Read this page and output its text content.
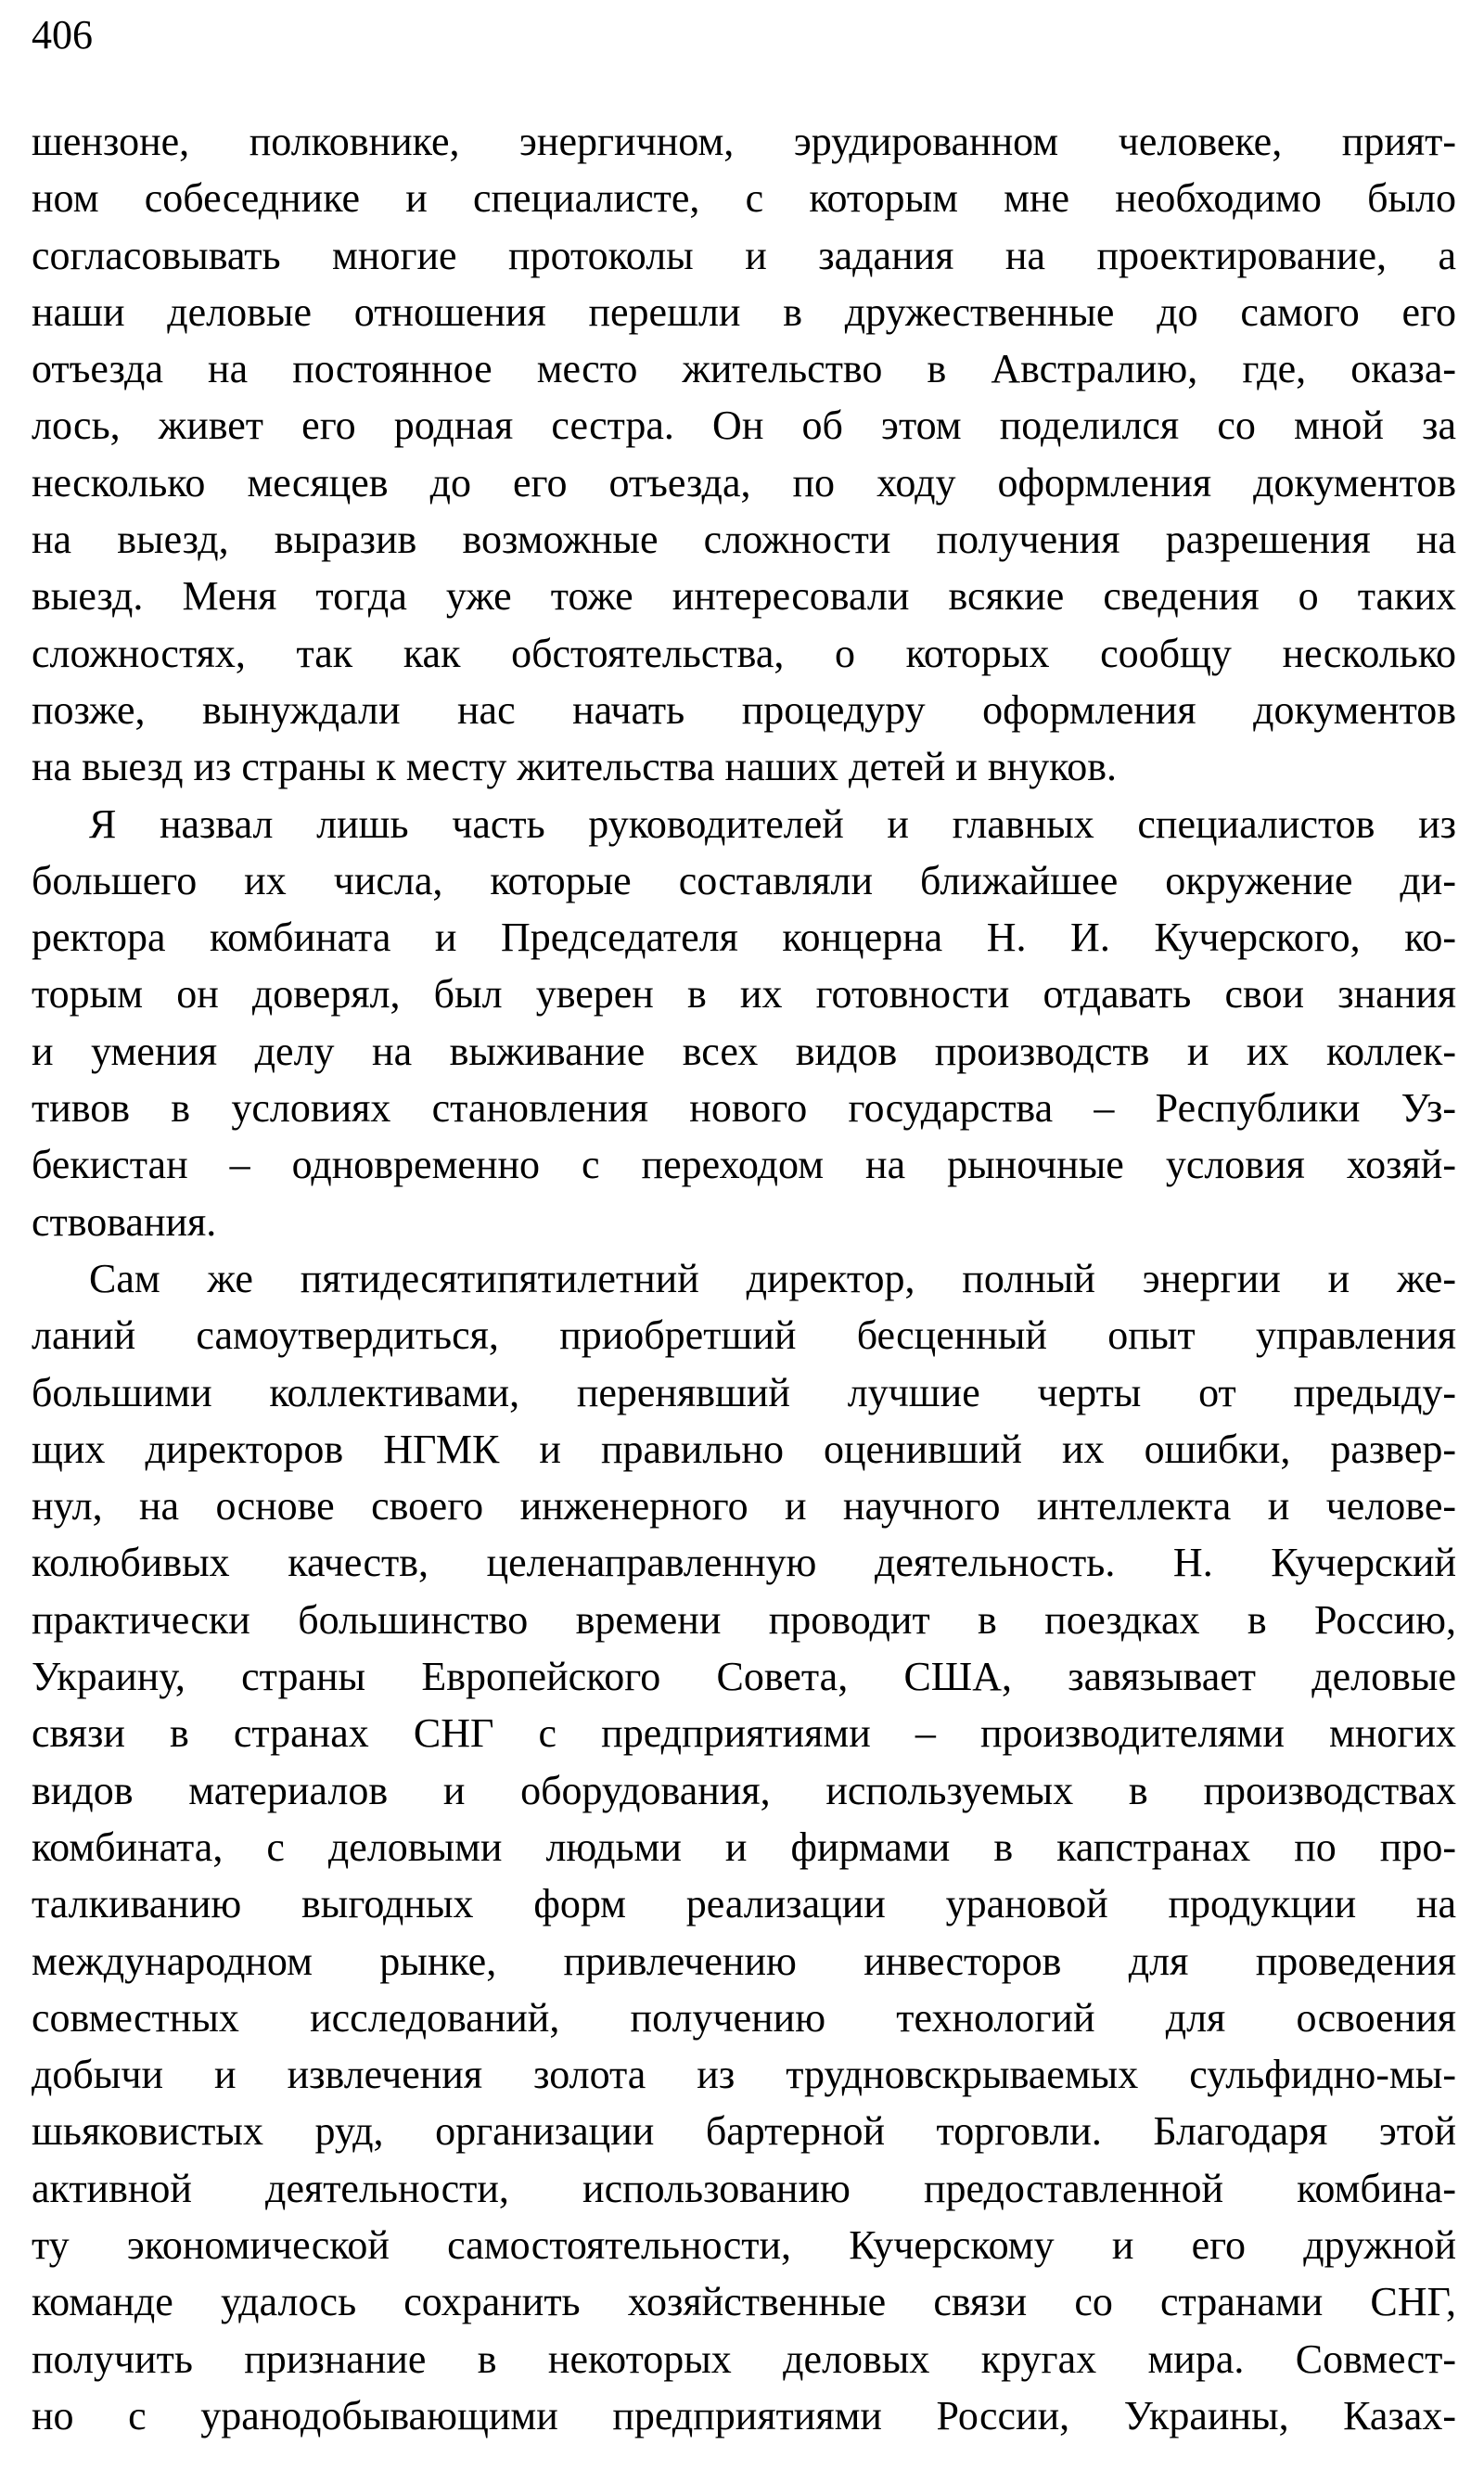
406
шензоне, полковнике, энергичном, эрудированном человеке, прият-
ном собеседнике и специалисте, с которым мне необходимо было
согласовывать многие протоколы и задания на проектирование, а
наши деловые отношения перешли в дружественные до самого его
отъезда на постоянное место жительство в Австралию, где, оказа-
лось, живет его родная сестра. Он об этом поделился со мной за
несколько месяцев до его отъезда, по ходу оформления документов
на выезд, выразив возможные сложности получения разрешения на
выезд. Меня тогда уже тоже интересовали всякие сведения о таких
сложностях, так как обстоятельства, о которых сообщу несколько
позже, вынуждали нас начать процедуру оформления документов
на выезд из страны к месту жительства наших детей и внуков.
Я назвал лишь часть руководителей и главных специалистов из
большего их числа, которые составляли ближайшее окружение ди-
ректора комбината и Председателя концерна Н. И. Кучерского, ко-
торым он доверял, был уверен в их готовности отдавать свои знания
и умения делу на выживание всех видов производств и их коллек-
тивов в условиях становления нового государства – Республики Уз-
бекистан – одновременно с переходом на рыночные условия хозяй-
ствования.
Сам же пятидесятипятилетний директор, полный энергии и же-
ланий самоутвердиться, приобретший бесценный опыт управления
большими коллективами, перенявший лучшие черты от предыду-
щих директоров НГМК и правильно оценивший их ошибки, развер-
нул, на основе своего инженерного и научного интеллекта и челове-
колюбивых качеств, целенаправленную деятельность. Н. Кучерский
практически большинство времени проводит в поездках в Россию,
Украину, страны Европейского Совета, США, завязывает деловые
связи в странах СНГ с предприятиями – производителями многих
видов материалов и оборудования, используемых в производствах
комбината, с деловыми людьми и фирмами в капстранах по про-
талкиванию выгодных форм реализации урановой продукции на
международном рынке, привлечению инвесторов для проведения
совместных исследований, получению технологий для освоения
добычи и извлечения золота из трудновскрываемых сульфидно-мы-
шьяковистых руд, организации бартерной торговли. Благодаря этой
активной деятельности, использованию предоставленной комбина-
ту экономической самостоятельности, Кучерскому и его дружной
команде удалось сохранить хозяйственные связи со странами СНГ,
получить признание в некоторых деловых кругах мира. Совмест-
но с уранодобывающими предприятиями России, Украины, Казах-
